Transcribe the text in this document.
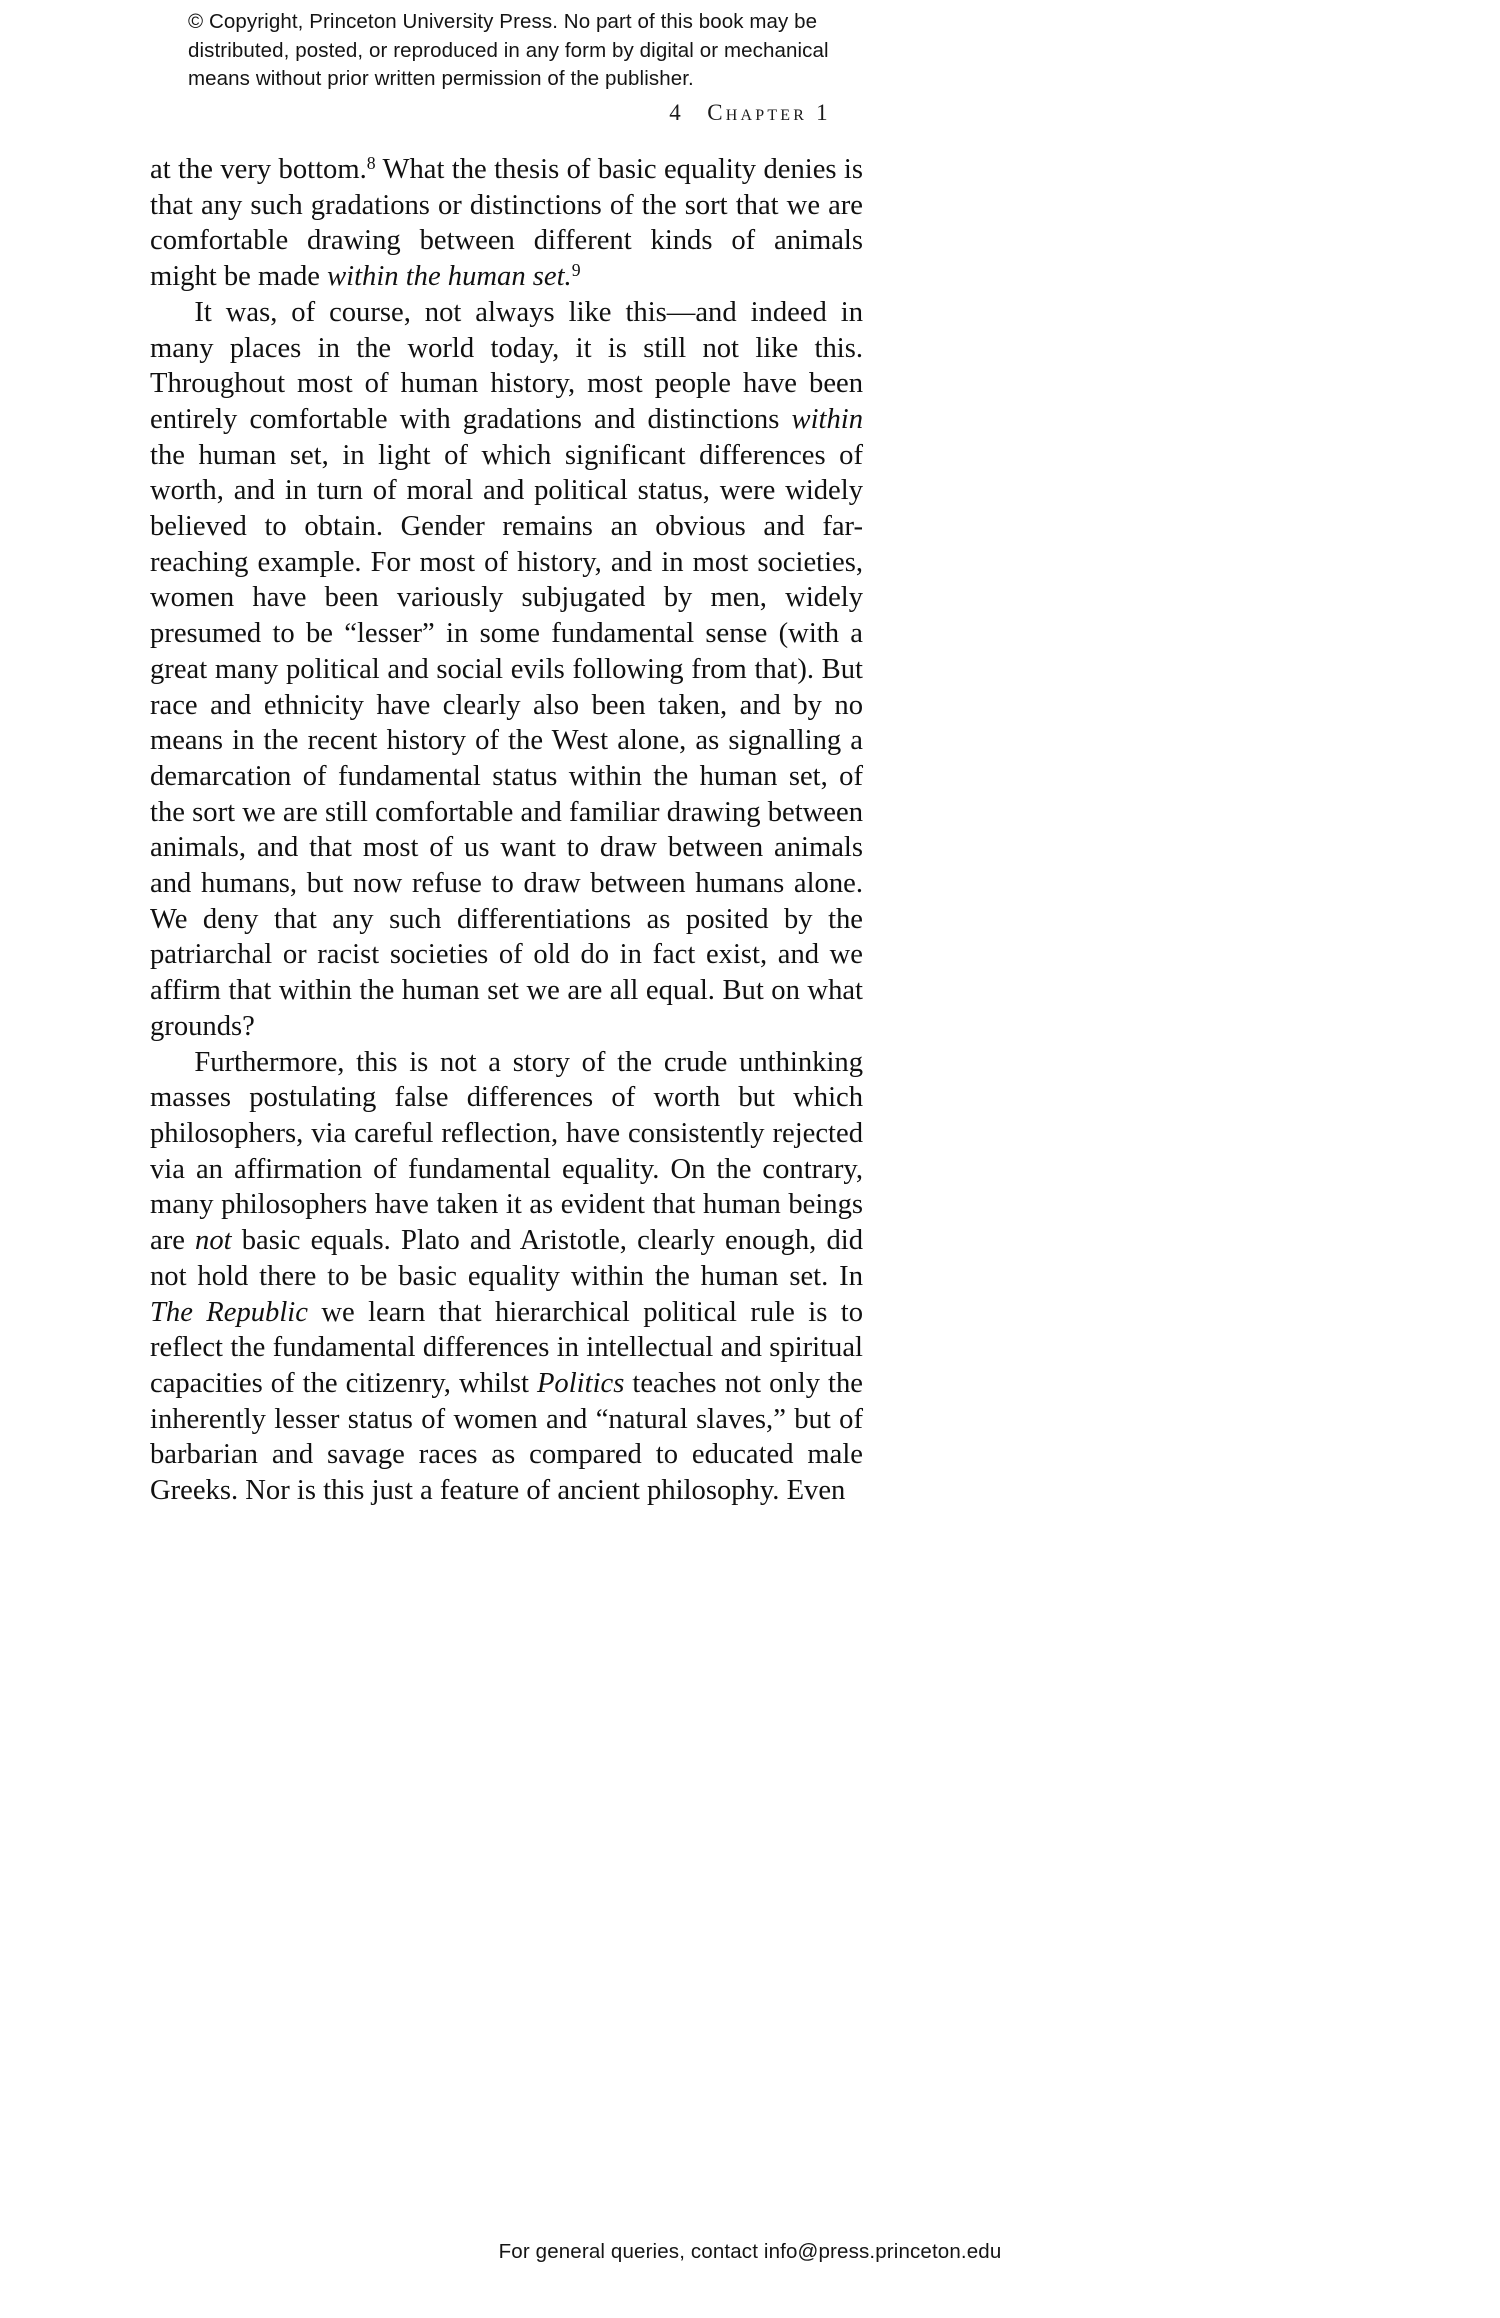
© Copyright, Princeton University Press. No part of this book may be
distributed, posted, or reproduced in any form by digital or mechanical
means without prior written permission of the publisher.
4 Chapter 1

at the very bottom.$^8$ What the thesis of basic equality denies is that any such gradations or distinctions of the sort that we are comfortable drawing between different kinds of animals might be made within the human set.$^9$

It was, of course, not always like this—and indeed in many places in the world today, it is still not like this. Throughout most of human history, most people have been entirely comfortable with gradations and distinctions within the human set, in light of which significant differences of worth, and in turn of moral and political status, were widely believed to obtain. Gender remains an obvious and far-reaching example. For most of history, and in most societies, women have been variously subjugated by men, widely presumed to be “lesser” in some fundamental sense (with a great many political and social evils following from that). But race and ethnicity have clearly also been taken, and by no means in the recent history of the West alone, as signalling a demarcation of fundamental status within the human set, of the sort we are still comfortable and familiar drawing between animals, and that most of us want to draw between animals and humans, but now refuse to draw between humans alone. We deny that any such differentiations as posited by the patriarchal or racist societies of old do in fact exist, and we affirm that within the human set we are all equal. But on what grounds?

Furthermore, this is not a story of the crude unthinking masses postulating false differences of worth but which philosophers, via careful reflection, have consistently rejected via an affirmation of fundamental equality. On the contrary, many philosophers have taken it as evident that human beings are not basic equals. Plato and Aristotle, clearly enough, did not hold there to be basic equality within the human set. In The Republic we learn that hierarchical political rule is to reflect the fundamental differences in intellectual and spiritual capacities of the citizenry, whilst Politics teaches not only the inherently lesser status of women and “natural slaves,” but of barbarian and savage races as compared to educated male Greeks. Nor is this just a feature of ancient philosophy. Even

For general queries, contact info@press.princeton.edu
